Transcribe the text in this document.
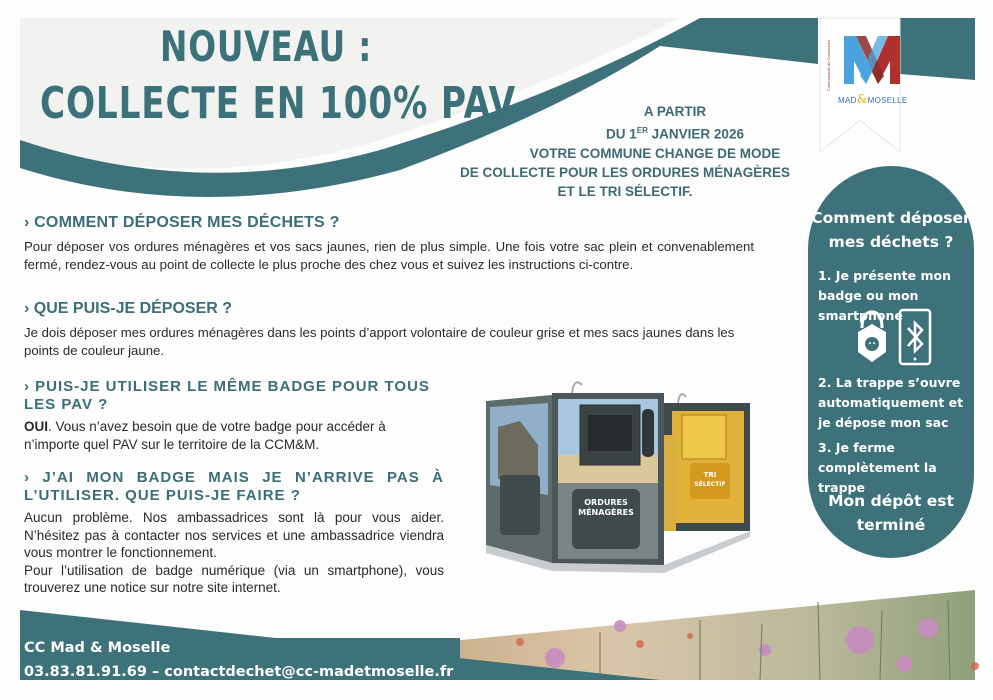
NOUVEAU :
COLLECTE EN 100% PAV	A PARTIR
DU 1ER JANVIER 2026
VOTRE COMMUNE CHANGE DE MODE
DE COLLECTE POUR LES ORDURES MÉNAGÈRES
ET LE TRI SÉLECTIF.
Communauté de Communes
MAD&MOSELLE
› COMMENT DÉPOSER MES DÉCHETS ?
Pour déposer vos ordures ménagères et vos sacs jaunes, rien de plus simple. Une fois votre sac plein et convenablement fermé, rendez-vous au point de collecte le plus proche des chez vous et suivez les instructions ci-contre.
› QUE PUIS-JE DÉPOSER ?
Je dois déposer mes ordures ménagères dans les points d’apport volontaire de couleur grise et mes sacs jaunes dans les points de couleur jaune.
› PUIS-JE UTILISER LE MÊME BADGE POUR TOUS LES PAV ?
OUI. Vous n’avez besoin que de votre badge pour accéder à n’importe quel PAV sur le territoire de la CCM&M.
› J’AI MON BADGE MAIS JE N’ARRIVE PAS À L’UTILISER. QUE PUIS-JE FAIRE ?
Aucun problème. Nos ambassadrices sont là pour vous aider. N’hésitez pas à contacter nos services et une ambassadrice viendra vous montrer le fonctionnement.
Pour l’utilisation de badge numérique (via un smartphone), vous trouverez une notice sur notre site internet.
TRI
SÉLECTIF
ORDURES
MÉNAGÈRES
Comment déposer mes déchets ?
1. Je présente mon badge ou mon smartphone
2. La trappe s’ouvre automatiquement et je dépose mon sac
3. Je ferme complètement la trappe
Mon dépôt est terminé
CC Mad & Moselle
03.83.81.91.69 – contactdechet@cc-madetmoselle.fr
